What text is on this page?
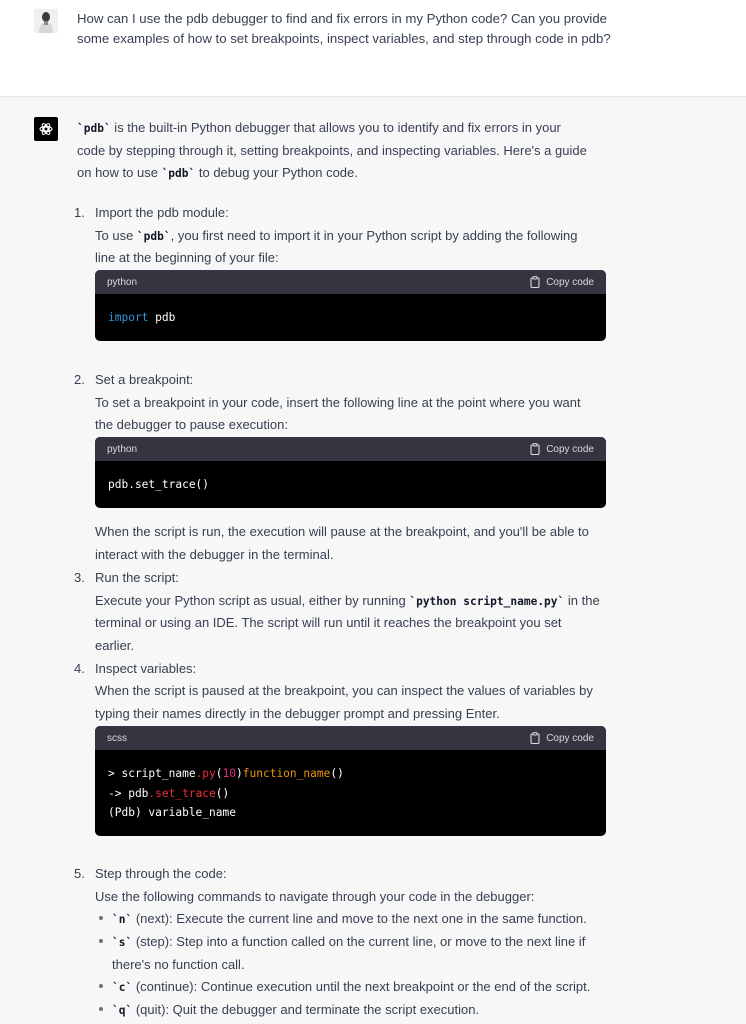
How can I use the pdb debugger to find and fix errors in my Python code? Can you provide some examples of how to set breakpoints, inspect variables, and step through code in pdb?
`pdb` is the built-in Python debugger that allows you to identify and fix errors in your
code by stepping through it, setting breakpoints, and inspecting variables. Here's a guide
on how to use `pdb` to debug your Python code.
1. Import the pdb module:
To use `pdb`, you first need to import it in your Python script by adding the following
line at the beginning of your file:
python	Copy code
import pdb
2. Set a breakpoint:
To set a breakpoint in your code, insert the following line at the point where you want
the debugger to pause execution:
python	Copy code
pdb.set_trace()
When the script is run, the execution will pause at the breakpoint, and you'll be able to
interact with the debugger in the terminal.
3. Run the script:
Execute your Python script as usual, either by running `python script_name.py` in the
terminal or using an IDE. The script will run until it reaches the breakpoint you set
earlier.
4. Inspect variables:
When the script is paused at the breakpoint, you can inspect the values of variables by
typing their names directly in the debugger prompt and pressing Enter.
scss	Copy code
> script_name.py(10)function_name()
-> pdb.set_trace()
(Pdb) variable_name
5. Step through the code:
Use the following commands to navigate through your code in the debugger:
`n` (next): Execute the current line and move to the next one in the same function.
`s` (step): Step into a function called on the current line, or move to the next line if
there's no function call.
`c` (continue): Continue execution until the next breakpoint or the end of the script.
`q` (quit): Quit the debugger and terminate the script execution.
